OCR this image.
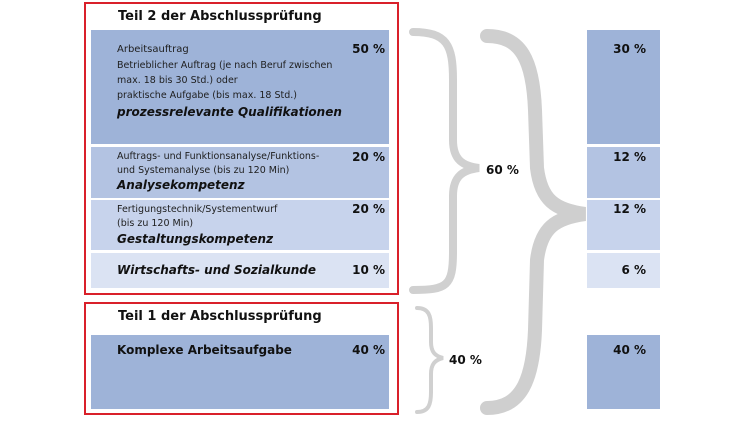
Teil 2 der Abschlussprüfung
Arbeitsauftrag
Betrieblicher Auftrag (je nach Beruf zwischen
max. 18 bis 30 Std.) oder
praktische Aufgabe (bis max. 18 Std.)
prozessrelevante Qualifikationen
50 %
Auftrags- und Funktionsanalyse/Funktions-
und Systemanalyse (bis zu 120 Min)
Analysekompetenz
20 %
Fertigungstechnik/Systementwurf
(bis zu 120 Min)
Gestaltungskompetenz
20 %
Wirtschafts- und Sozialkunde	10 %
Teil 1 der Abschlussprüfung
Komplexe Arbeitsaufgabe	40 %
60 %
40 %
30 %
12 %
12 %
6 %
40 %
